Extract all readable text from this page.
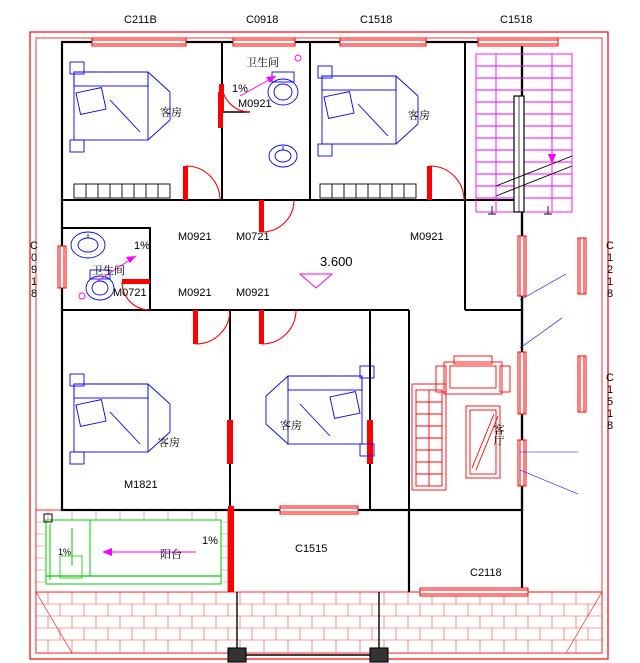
C211B	C0918	C1518	C1518
C0918	C1218
C1518
C1515
C2118
M0921
M0921 M0721	M0921
M0721	M0921 M0921
M1821
客房
卫生间
客房
卫生间
客房
客房	客厅
阳台
1%
1%
1%
1%
3.600
